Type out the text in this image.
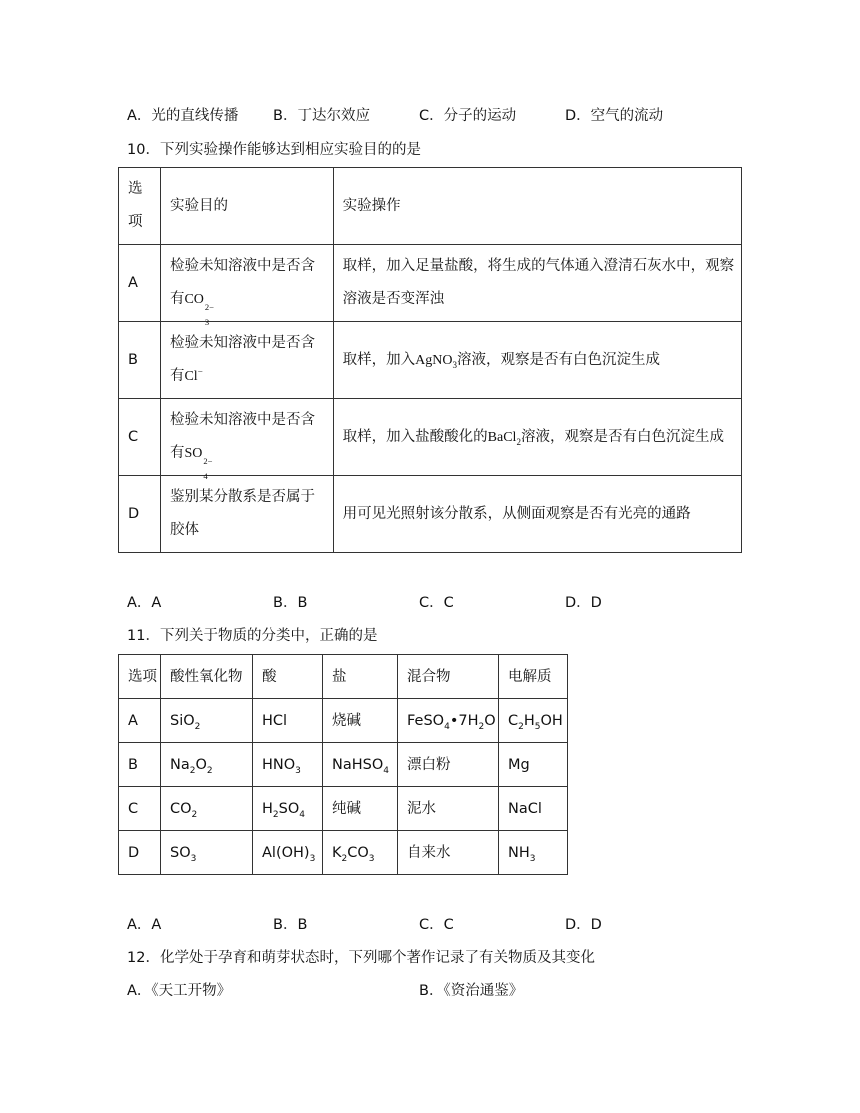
A．光的直线传播 B．丁达尔效应	C．分子的运动	D．空气的流动
10．下列实验操作能够达到相应实验目的的是
选
项	实验目的	实验操作
A	检验未知溶液中是否含
有CO 2−
3	取样，加入足量盐酸，将生成的气体通入澄清石灰水中，观察
溶液是否变浑浊
B	检验未知溶液中是否含
有Cl−	取样，加入AgNO$_3$溶液，观察是否有白色沉淀生成
C	检验未知溶液中是否含
有SO 2−
4	取样，加入盐酸酸化的BaCl$_2$溶液，观察是否有白色沉淀生成
D	鉴别某分散系是否属于
胶体	用可见光照射该分散系，从侧面观察是否有光亮的通路
A．A	B．B	C．C	D．D
11．下列关于物质的分类中，正确的是
选项	酸性氧化物	酸	盐	混合物	电解质
A	SiO$_2$	HCl	烧碱	$FeSO_4•7H_2O$	$C_2H_5OH$
B	$Na_2O_2$	$HNO_3$	NaHSO$_4$	漂白粉	Mg
C	$CO_2$	$H_2SO_4$	纯碱	泥水	NaCl
D	$SO_3$	$Al(OH)_3$	$K_2CO_3$	自来水	$NH_3$
A．A	B．B	C．C	D．D
12．化学处于孕育和萌芽状态时，下列哪个著作记录了有关物质及其变化
A．《天工开物》	B．《资治通鉴》
